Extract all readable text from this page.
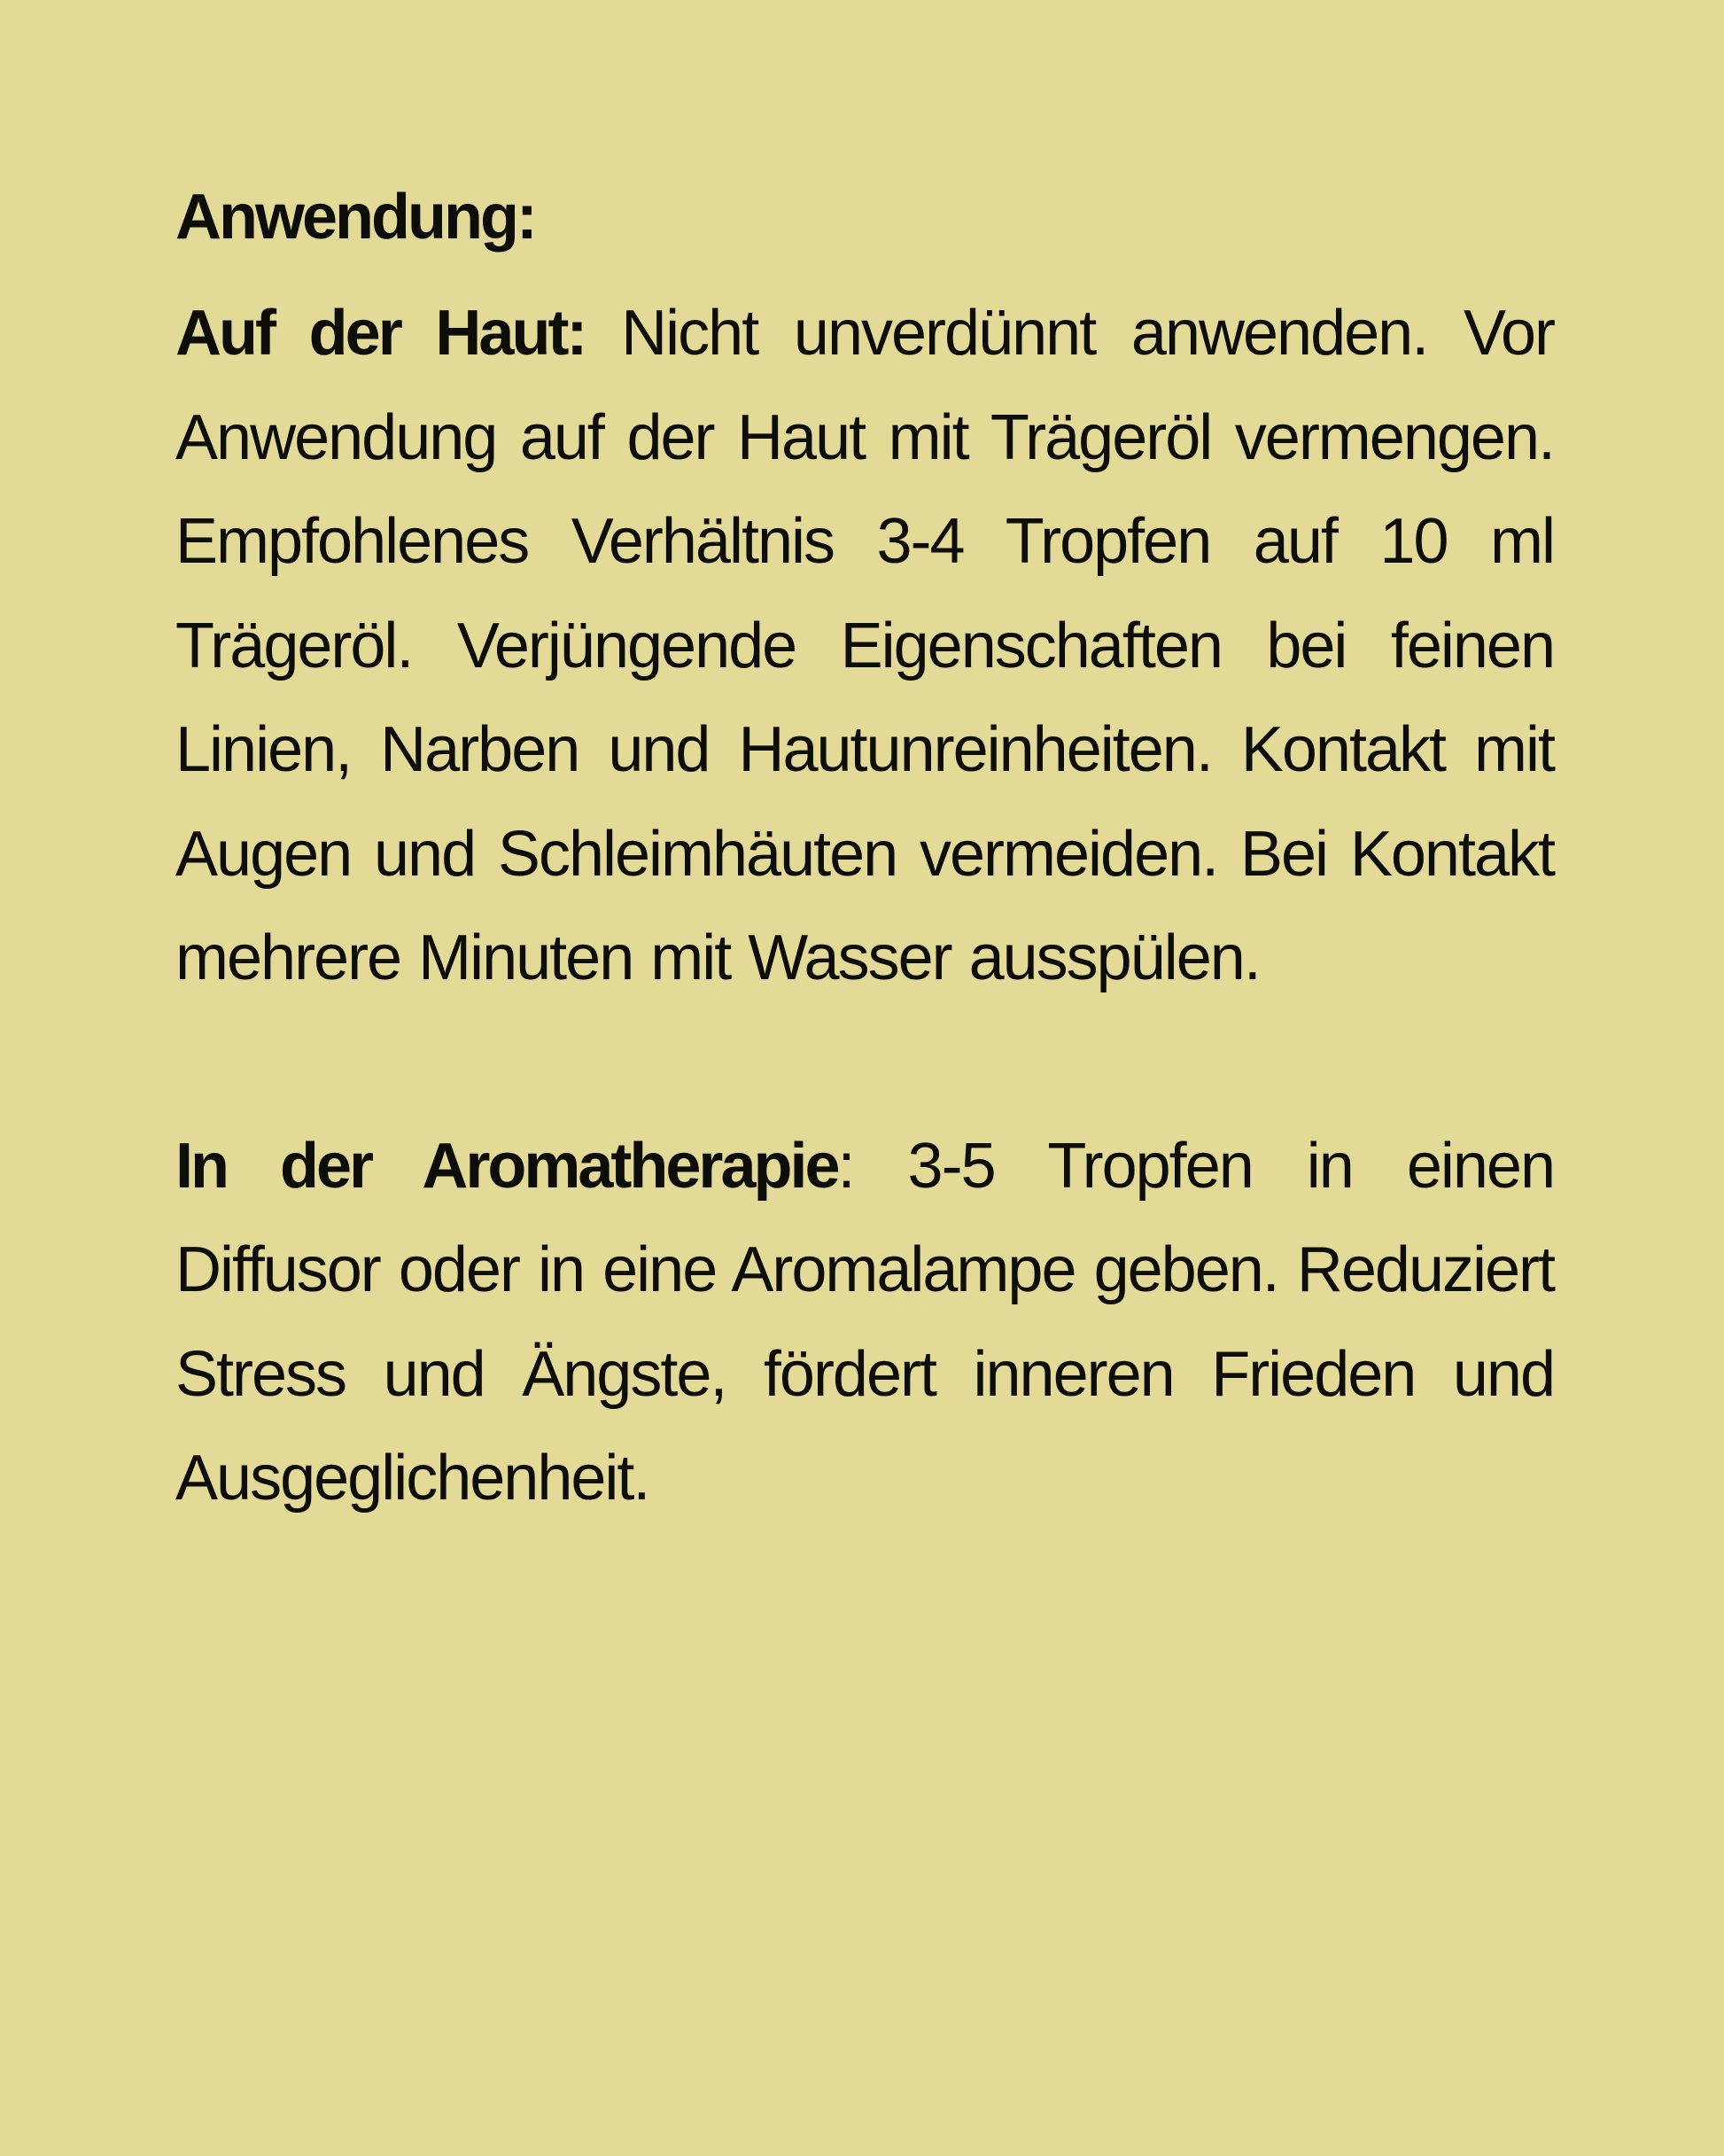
Anwendung:

Auf der Haut: Nicht unverdünnt anwenden. Vor Anwendung auf der Haut mit Trägeröl vermengen. Empfohlenes Verhältnis 3-4 Tropfen auf 10 ml Trägeröl. Verjüngende Eigenschaften bei feinen Linien, Narben und Hautunreinheiten. Kontakt mit Augen und Schleimhäuten vermeiden. Bei Kontakt mehrere Minuten mit Wasser ausspülen.

In der Aromatherapie: 3-5 Tropfen in einen Diffusor oder in eine Aromalampe geben. Reduziert Stress und Ängste, fördert inneren Frieden und Ausgeglichenheit.
